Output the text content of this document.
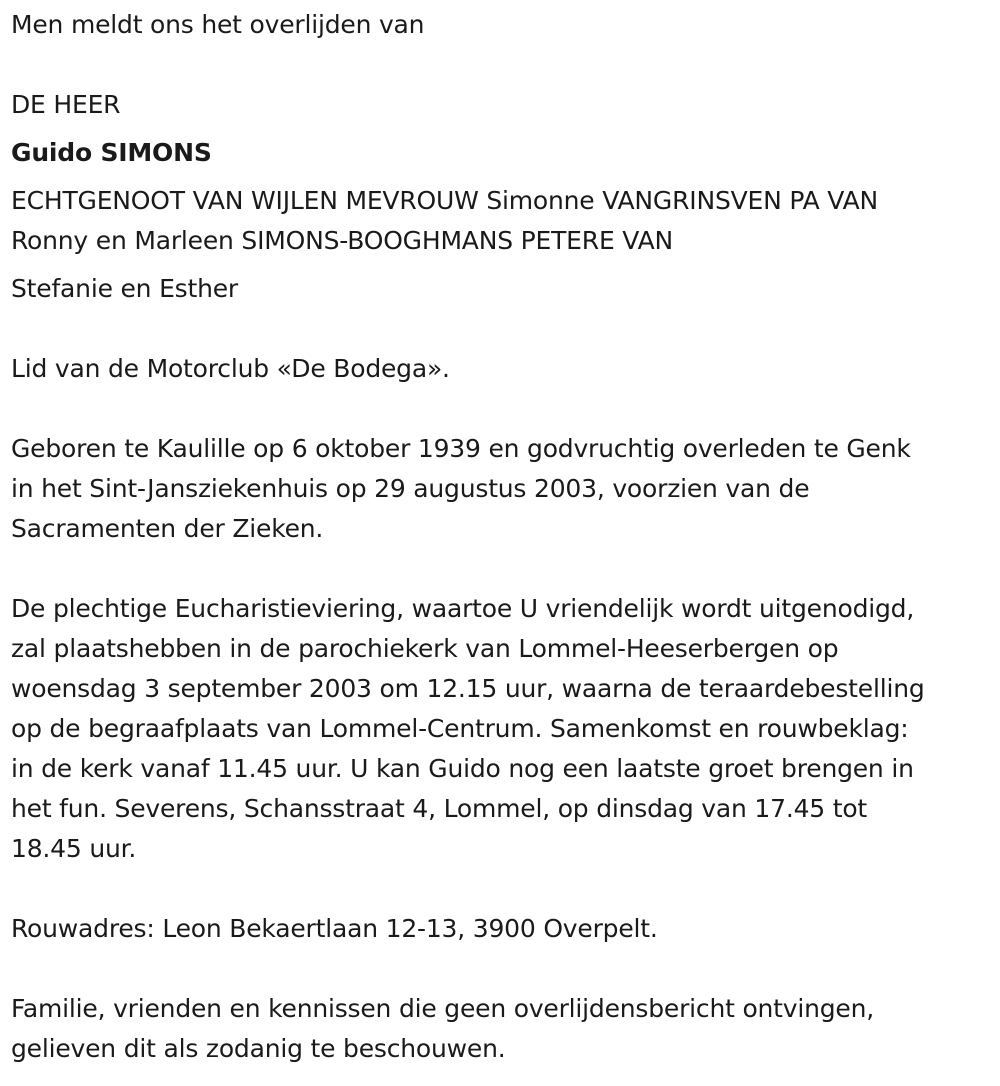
Men meldt ons het overlijden van
DE HEER
Guido SIMONS
ECHTGENOOT VAN WIJLEN MEVROUW Simonne VANGRINSVEN PA VAN
Ronny en Marleen SIMONS-BOOGHMANS PETERE VAN
Stefanie en Esther
Lid van de Motorclub «De Bodega».
Geboren te Kaulille op 6 oktober 1939 en godvruchtig overleden te Genk
in het Sint-Jansziekenhuis op 29 augustus 2003, voorzien van de
Sacramenten der Zieken.
De plechtige Eucharistieviering, waartoe U vriendelijk wordt uitgenodigd,
zal plaatshebben in de parochiekerk van Lommel-Heeserbergen op
woensdag 3 september 2003 om 12.15 uur, waarna de teraardebestelling
op de begraafplaats van Lommel-Centrum. Samenkomst en rouwbeklag:
in de kerk vanaf 11.45 uur. U kan Guido nog een laatste groet brengen in
het fun. Severens, Schansstraat 4, Lommel, op dinsdag van 17.45 tot
18.45 uur.
Rouwadres: Leon Bekaertlaan 12-13, 3900 Overpelt.
Familie, vrienden en kennissen die geen overlijdensbericht ontvingen,
gelieven dit als zodanig te beschouwen.
